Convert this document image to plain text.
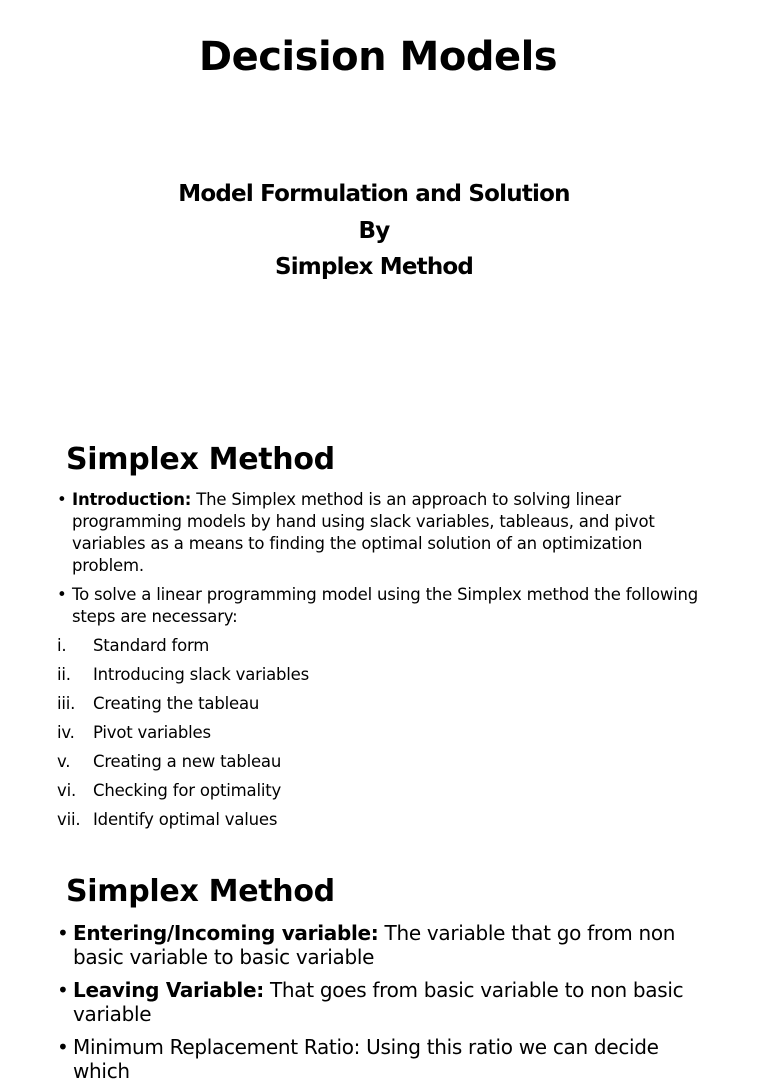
Decision Models
Model Formulation and Solution
By
Simplex Method
Simplex Method
• Introduction: The Simplex method is an approach to solving linear programming models by hand using slack variables, tableaus, and pivot variables as a means to finding the optimal solution of an optimization problem.
• To solve a linear programming model using the Simplex method the following steps are necessary:
i. Standard form
ii. Introducing slack variables
iii. Creating the tableau
iv. Pivot variables
v. Creating a new tableau
vi. Checking for optimality
vii. Identify optimal values
Simplex Method
• Entering/Incoming variable: The variable that go from non basic variable to basic variable
• Leaving Variable: That goes from basic variable to non basic variable
• Minimum Replacement Ratio: Using this ratio we can decide which
